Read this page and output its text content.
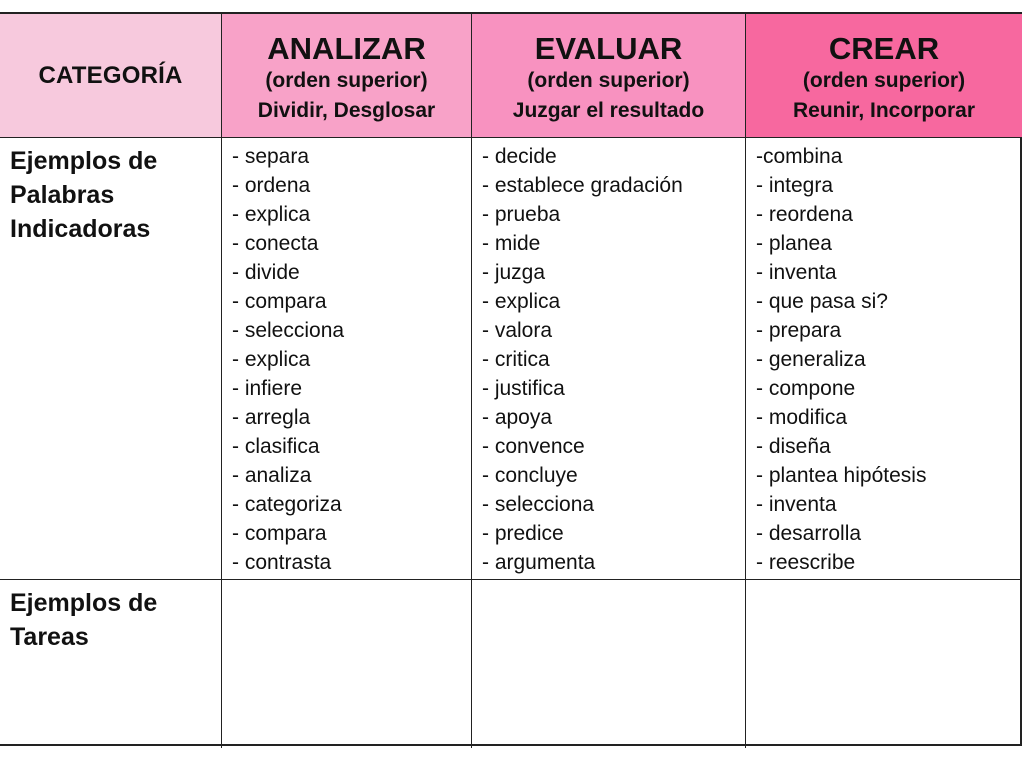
CATEGORÍA
ANALIZAR
(orden superior)
Dividir, Desglosar
EVALUAR
(orden superior)
Juzgar el resultado
CREAR
(orden superior)
Reunir, Incorporar
Ejemplos de Palabras Indicadoras
- separa
- ordena
- explica
- conecta
- divide
- compara
- selecciona
- explica
- infiere
- arregla
- clasifica
- analiza
- categoriza
- compara
- contrasta
- decide
- establece gradación
- prueba
- mide
- juzga
- explica
- valora
- critica
- justifica
- apoya
- convence
- concluye
- selecciona
- predice
- argumenta
-combina
- integra
- reordena
- planea
- inventa
- que pasa si?
- prepara
- generaliza
- compone
- modifica
- diseña
- plantea hipótesis
- inventa
- desarrolla
- reescribe
Ejemplos de Tareas
